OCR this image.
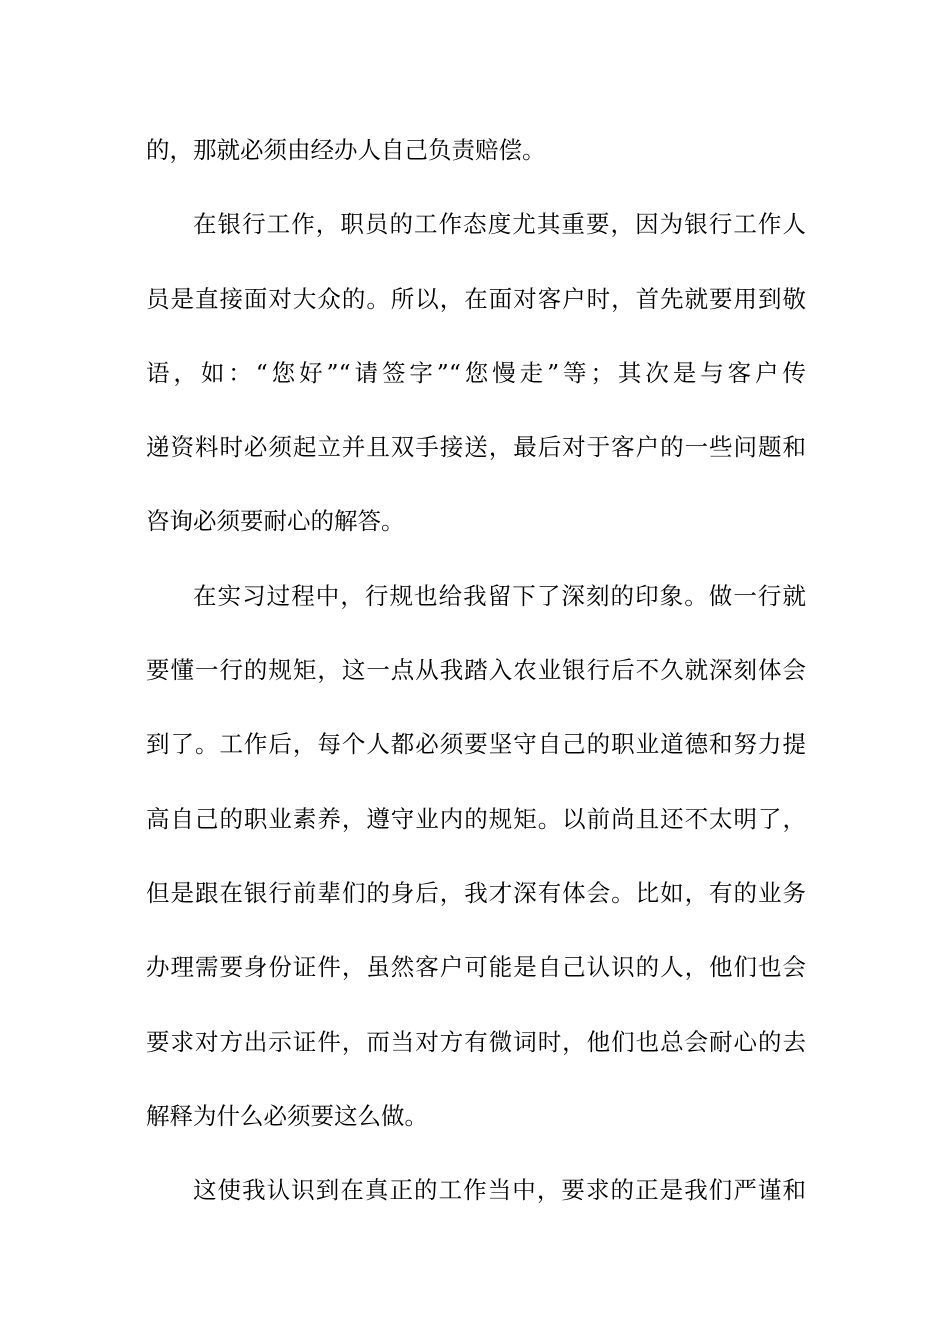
的，那就必须由经办人自己负责赔偿。
在银行工作，职员的工作态度尤其重要，因为银行工作人
员是直接面对大众的。所以，在面对客户时，首先就要用到敬
语，如：“您好”“请签字”“您慢走”等；其次是与客户传
递资料时必须起立并且双手接送，最后对于客户的一些问题和
咨询必须要耐心的解答。
在实习过程中，行规也给我留下了深刻的印象。做一行就
要懂一行的规矩，这一点从我踏入农业银行后不久就深刻体会
到了。工作后，每个人都必须要坚守自己的职业道德和努力提
高自己的职业素养，遵守业内的规矩。以前尚且还不太明了，
但是跟在银行前辈们的身后，我才深有体会。比如，有的业务
办理需要身份证件，虽然客户可能是自己认识的人，他们也会
要求对方出示证件，而当对方有微词时，他们也总会耐心的去
解释为什么必须要这么做。
这使我认识到在真正的工作当中，要求的正是我们严谨和
